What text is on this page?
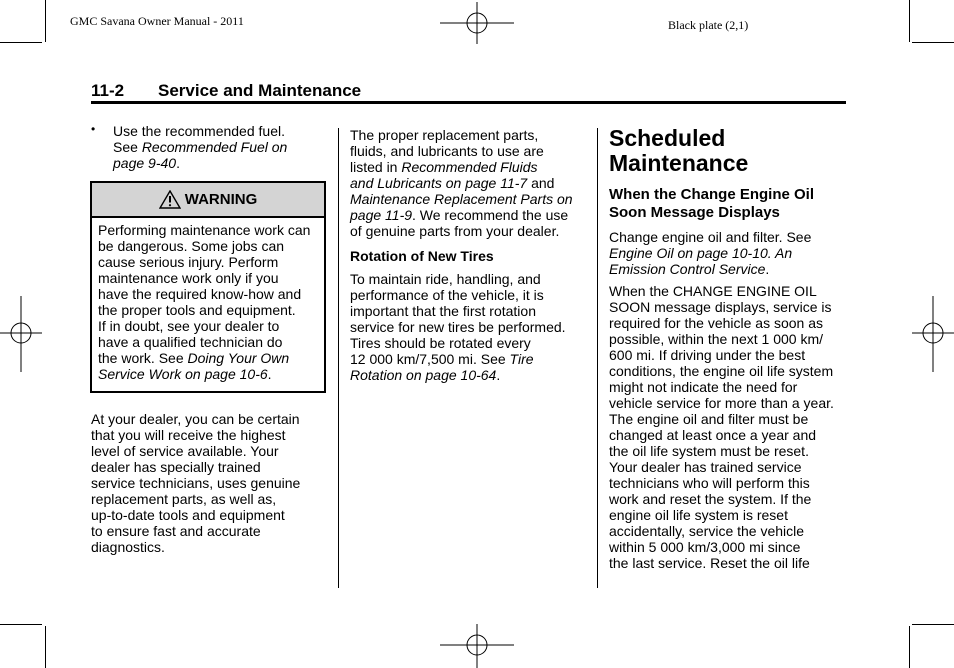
GMC Savana Owner Manual - 2011	Black plate (2,1)
11-2 Service and Maintenance
• Use the recommended fuel.

See Recommended Fuel on

page 9-40.

WARNING

Performing maintenance work can

be dangerous. Some jobs can

cause serious injury. Perform

maintenance work only if you

have the required know-how and

the proper tools and equipment.

If in doubt, see your dealer to

have a qualified technician do

the work. See Doing Your Own

Service Work on page 10-6.

At your dealer, you can be certain

that you will receive the highest

level of service available. Your

dealer has specially trained

service technicians, uses genuine

replacement parts, as well as,

up-to-date tools and equipment

to ensure fast and accurate

diagnostics.

The proper replacement parts,

fluids, and lubricants to use are

listed in Recommended Fluids

and Lubricants on page 11-7 and

Maintenance Replacement Parts on

page 11-9. We recommend the use

of genuine parts from your dealer.

Rotation of New Tires

To maintain ride, handling, and

performance of the vehicle, it is

important that the first rotation

service for new tires be performed.

Tires should be rotated every

12 000 km/7,500 mi. See Tire

Rotation on page 10-64.

Scheduled

Maintenance

When the Change Engine Oil

Soon Message Displays

Change engine oil and filter. See

Engine Oil on page 10-10. An

Emission Control Service.

When the CHANGE ENGINE OIL

SOON message displays, service is

required for the vehicle as soon as

possible, within the next 1 000 km/

600 mi. If driving under the best

conditions, the engine oil life system

might not indicate the need for

vehicle service for more than a year.

The engine oil and filter must be

changed at least once a year and

the oil life system must be reset.

Your dealer has trained service

technicians who will perform this

work and reset the system. If the

engine oil life system is reset

accidentally, service the vehicle

within 5 000 km/3,000 mi since

the last service. Reset the oil life
